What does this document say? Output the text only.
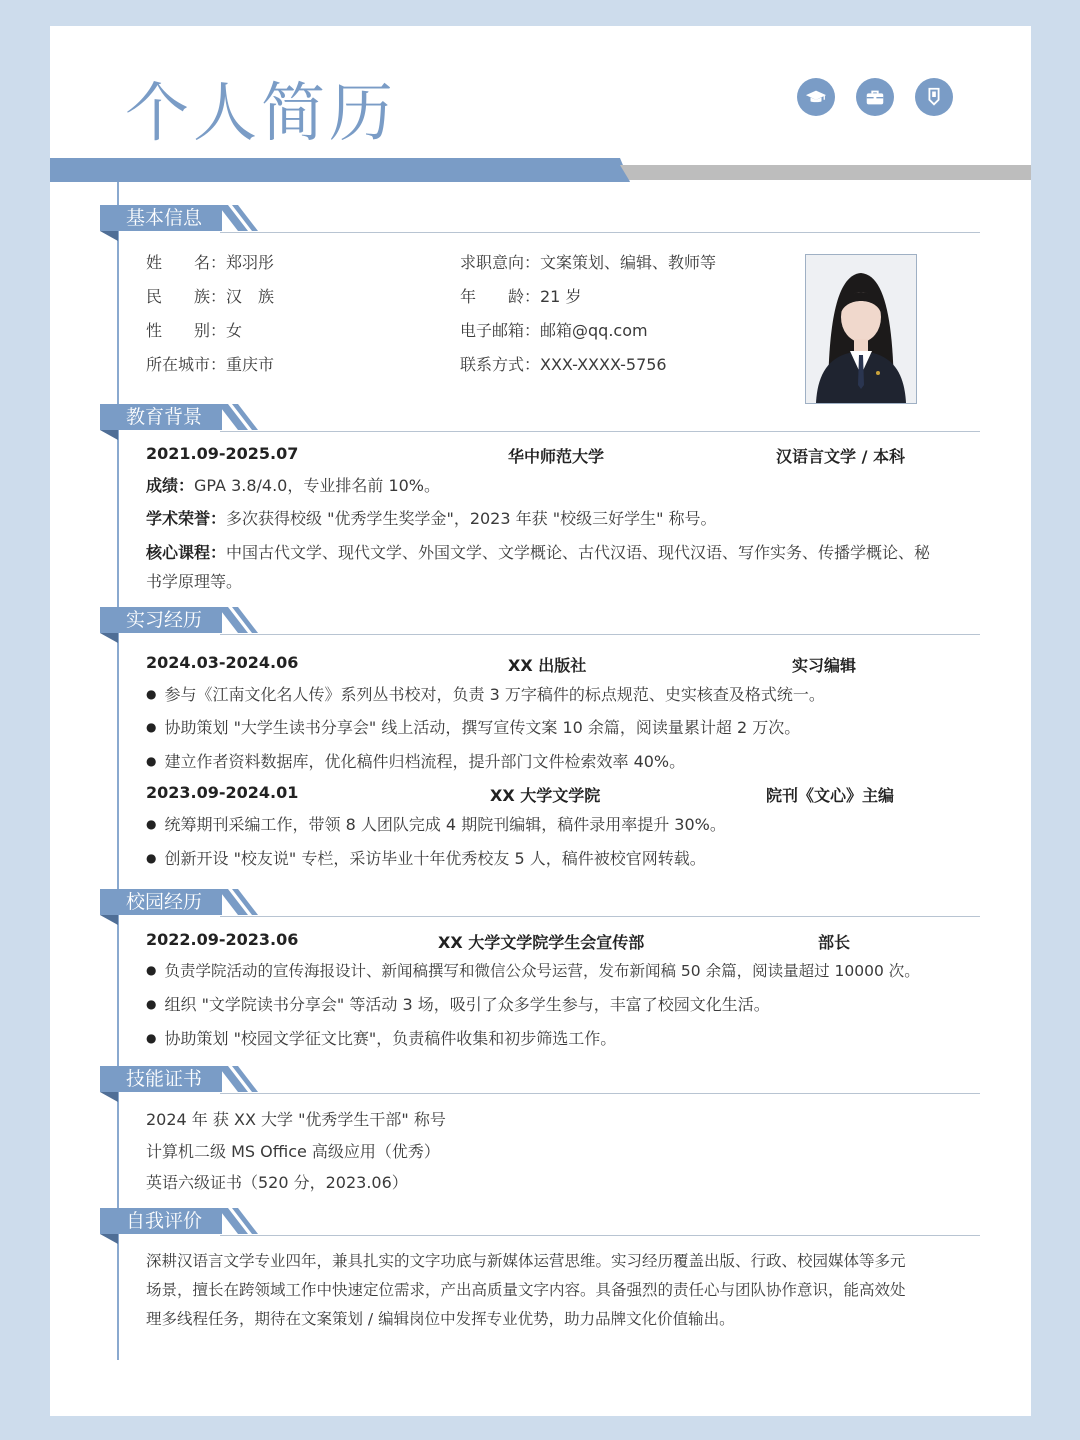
个人简历
基本信息
姓　　名：郑羽彤
民　　族：汉　族
性　　别：女
所在城市：重庆市
求职意向：文案策划、编辑、教师等
年　　龄：21 岁
电子邮箱：邮箱@qq.com
联系方式：XXX-XXXX-5756
教育背景
2021.09-2025.07	华中师范大学	汉语言文学 / 本科
成绩：GPA 3.8/4.0，专业排名前 10%。
学术荣誉：多次获得校级 "优秀学生奖学金"，2023 年获 "校级三好学生" 称号。
核心课程：中国古代文学、现代文学、外国文学、文学概论、古代汉语、现代汉语、写作实务、传播学概论、秘
书学原理等。
实习经历
2024.03-2024.06	XX 出版社	实习编辑
● 参与《江南文化名人传》系列丛书校对，负责 3 万字稿件的标点规范、史实核查及格式统一。
● 协助策划 "大学生读书分享会" 线上活动，撰写宣传文案 10 余篇，阅读量累计超 2 万次。
● 建立作者资料数据库，优化稿件归档流程，提升部门文件检索效率 40%。
2023.09-2024.01	XX 大学文学院	院刊《文心》主编
● 统筹期刊采编工作，带领 8 人团队完成 4 期院刊编辑，稿件录用率提升 30%。
● 创新开设 "校友说" 专栏，采访毕业十年优秀校友 5 人，稿件被校官网转载。
校园经历
2022.09-2023.06	XX 大学文学院学生会宣传部	部长
● 负责学院活动的宣传海报设计、新闻稿撰写和微信公众号运营，发布新闻稿 50 余篇，阅读量超过 10000 次。
● 组织 "文学院读书分享会" 等活动 3 场，吸引了众多学生参与，丰富了校园文化生活。
● 协助策划 "校园文学征文比赛"，负责稿件收集和初步筛选工作。
技能证书
2024 年 获 XX 大学 "优秀学生干部" 称号
计算机二级 MS Office 高级应用（优秀）
英语六级证书（520 分，2023.06）
自我评价
深耕汉语言文学专业四年，兼具扎实的文字功底与新媒体运营思维。实习经历覆盖出版、行政、校园媒体等多元
场景，擅长在跨领域工作中快速定位需求，产出高质量文字内容。具备强烈的责任心与团队协作意识，能高效处
理多线程任务，期待在文案策划 / 编辑岗位中发挥专业优势，助力品牌文化价值输出。
